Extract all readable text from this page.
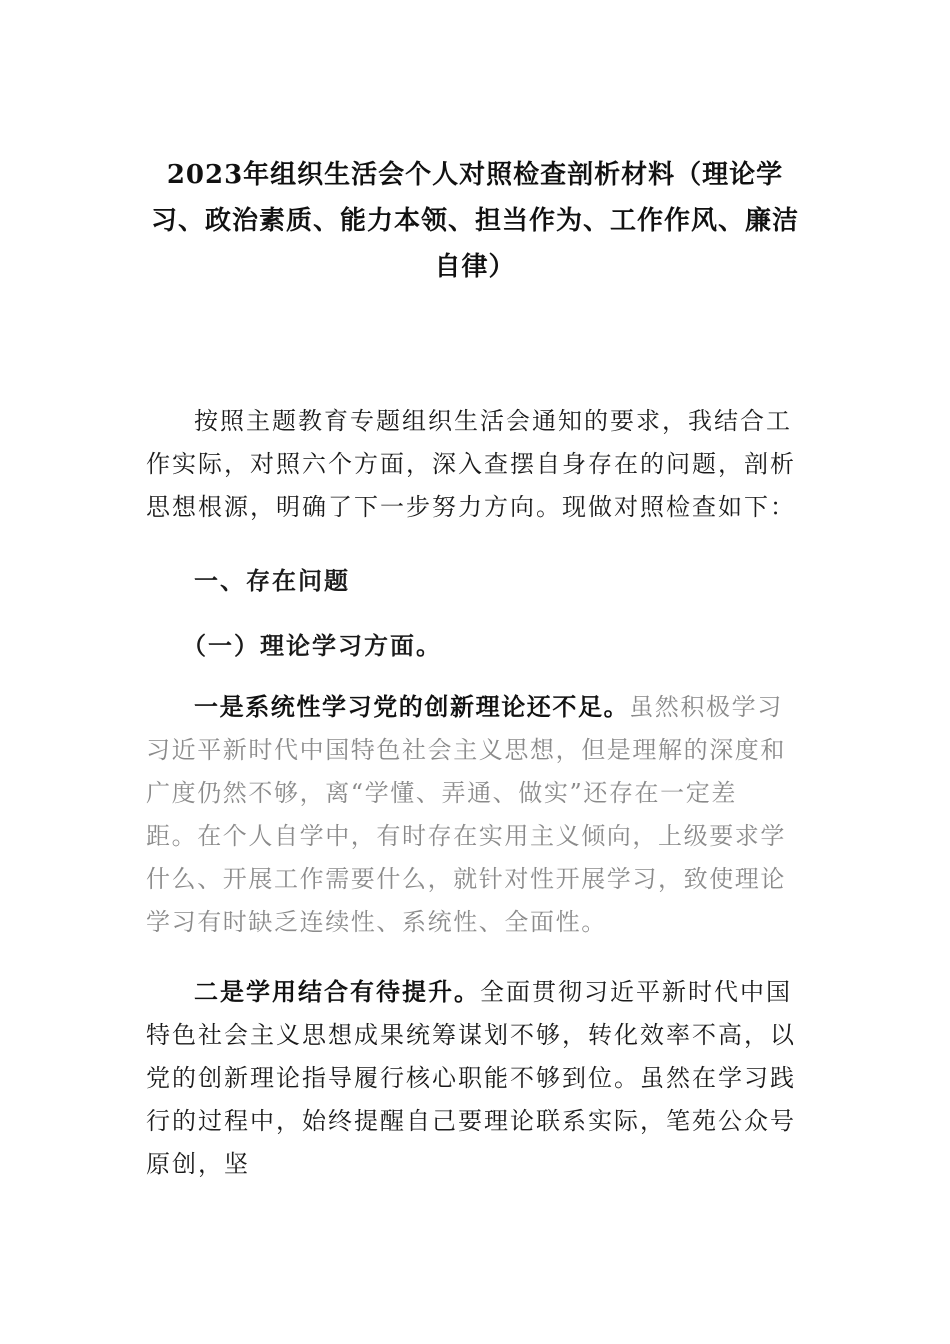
2023年组织生活会个人对照检查剖析材料（理论学习、政治素质、能力本领、担当作为、工作作风、廉洁自律）

按照主题教育专题组织生活会通知的要求，我结合工作实际，对照六个方面，深入查摆自身存在的问题，剖析思想根源，明确了下一步努力方向。现做对照检查如下：

一、存在问题

（一）理论学习方面。

一是系统性学习党的创新理论还不足。虽然积极学习习近平新时代中国特色社会主义思想，但是理解的深度和广度仍然不够，离“学懂、弄通、做实”还存在一定差距。在个人自学中，有时存在实用主义倾向，上级要求学什么、开展工作需要什么，就针对性开展学习，致使理论学习有时缺乏连续性、系统性、全面性。

二是学用结合有待提升。全面贯彻习近平新时代中国特色社会主义思想成果统筹谋划不够，转化效率不高，以党的创新理论指导履行核心职能不够到位。虽然在学习践行的过程中，始终提醒自己要理论联系实际，笔苑公众号原创，坚
